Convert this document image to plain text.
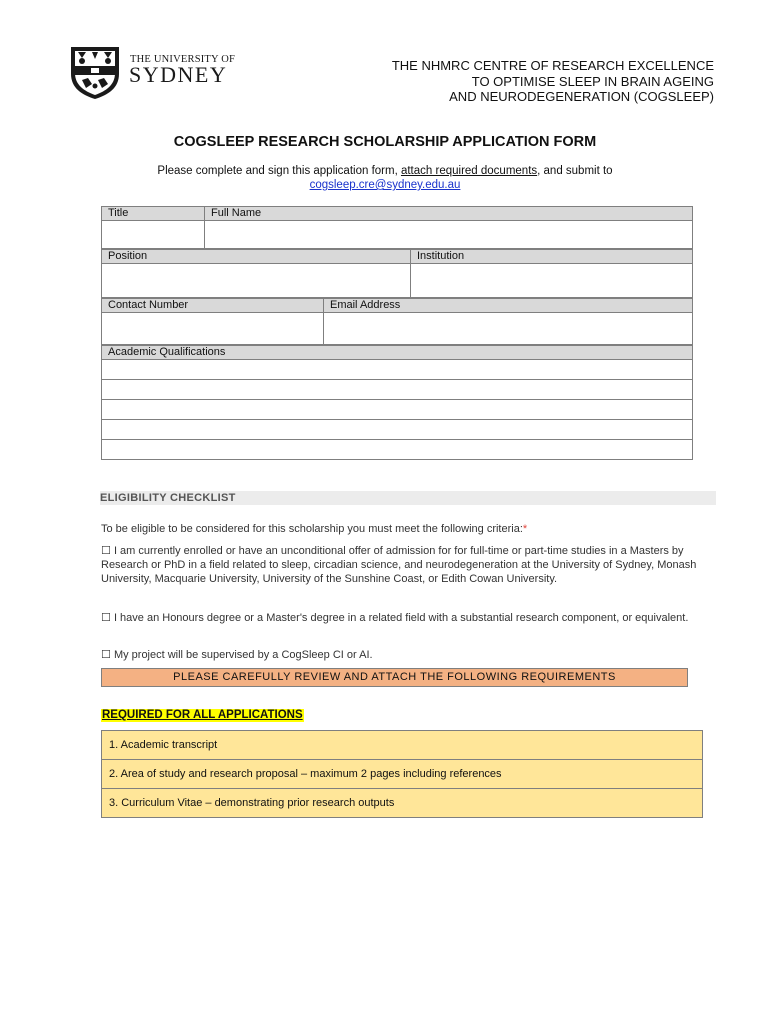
THE UNIVERSITY OF
SYDNEY	THE NHMRC CENTRE OF RESEARCH EXCELLENCE
TO OPTIMISE SLEEP IN BRAIN AGEING
AND NEURODEGENERATION (COGSLEEP)
COGSLEEP RESEARCH SCHOLARSHIP APPLICATION FORM
Please complete and sign this application form, attach required documents, and submit to
cogsleep.cre@sydney.edu.au
Title	Full Name
Position	Institution
Contact Number	Email Address
Academic Qualifications
ELIGIBILITY CHECKLIST
To be eligible to be considered for this scholarship you must meet the following criteria:*
☐ I am currently enrolled or have an unconditional offer of admission for for full-time or part-time studies in a Masters by Research or PhD in a field related to sleep, circadian science, and neurodegeneration at the University of Sydney, Monash University, Macquarie University, University of the Sunshine Coast, or Edith Cowan University.
☐ I have an Honours degree or a Master's degree in a related field with a substantial research component, or equivalent.
☐ My project will be supervised by a CogSleep CI or AI.
PLEASE CAREFULLY REVIEW AND ATTACH THE FOLLOWING REQUIREMENTS
REQUIRED FOR ALL APPLICATIONS
1. Academic transcript
2. Area of study and research proposal – maximum 2 pages including references
3. Curriculum Vitae – demonstrating prior research outputs
